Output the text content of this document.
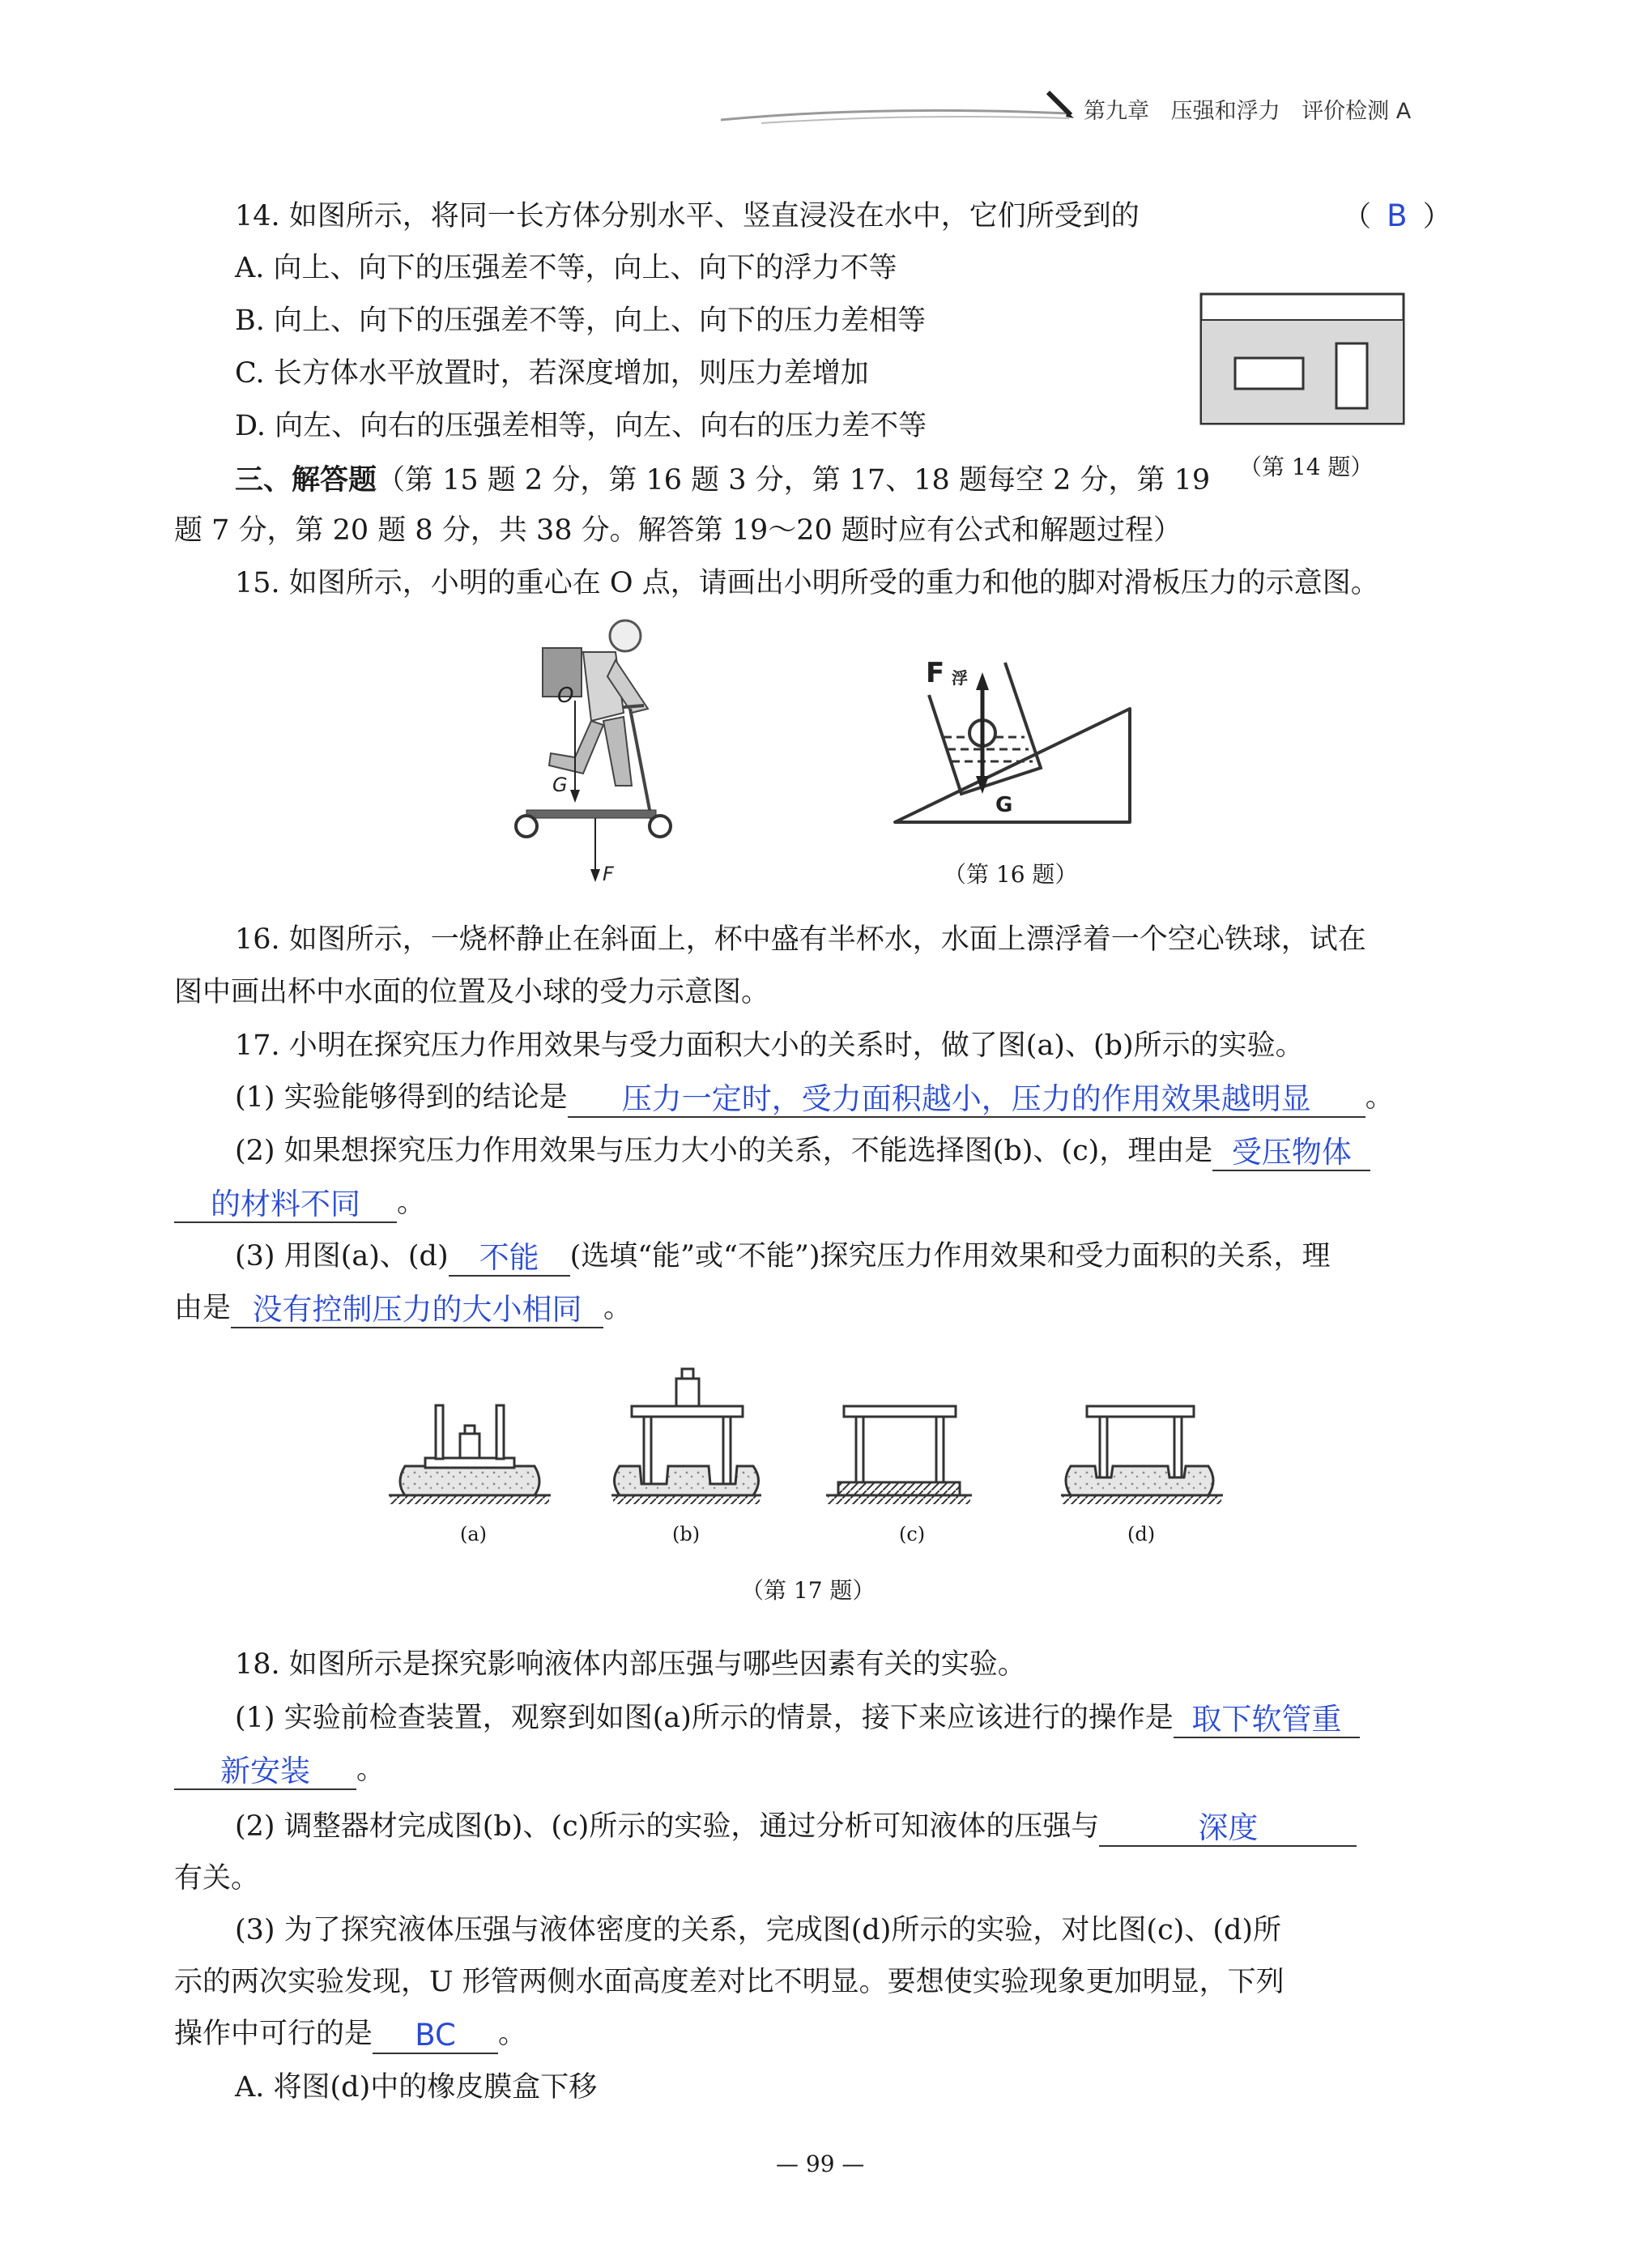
第九章 压强和浮力 评价检测 A
14. 如图所示，将同一长方体分别水平、竖直浸没在水中，它们所受到的	（ B ）
A. 向上、向下的压强差不等，向上、向下的浮力不等
B. 向上、向下的压强差不等，向上、向下的压力差相等
C. 长方体水平放置时，若深度增加，则压力差增加
D. 向左、向右的压强差相等，向左、向右的压力差不等
（第 14 题）
三、解答题（第 15 题 2 分，第 16 题 3 分，第 17、18 题每空 2 分，第 19
题 7 分，第 20 题 8 分，共 38 分。解答第 19～20 题时应有公式和解题过程）
15. 如图所示，小明的重心在 O 点，请画出小明所受的重力和他的脚对滑板压力的示意图。
O
G
F
F 浮
G
（第 16 题）
16. 如图所示，一烧杯静止在斜面上，杯中盛有半杯水，水面上漂浮着一个空心铁球，试在
图中画出杯中水面的位置及小球的受力示意图。
17. 小明在探究压力作用效果与受力面积大小的关系时，做了图(a)、(b)所示的实验。
(1) 实验能够得到的结论是 压力一定时，受力面积越小，压力的作用效果越明显 。
(2) 如果想探究压力作用效果与压力大小的关系，不能选择图(b)、(c)，理由是 受压物体
的材料不同 。
(3) 用图(a)、(d) 不能 (选填“能”或“不能”)探究压力作用效果和受力面积的关系，理
由是 没有控制压力的大小相同 。
(a)	(b)	(c)	(d)
（第 17 题）
18. 如图所示是探究影响液体内部压强与哪些因素有关的实验。
(1) 实验前检查装置，观察到如图(a)所示的情景，接下来应该进行的操作是 取下软管重
新安装 。
(2) 调整器材完成图(b)、(c)所示的实验，通过分析可知液体的压强与	深度
有关。
(3) 为了探究液体压强与液体密度的关系，完成图(d)所示的实验，对比图(c)、(d)所
示的两次实验发现，U 形管两侧水面高度差对比不明显。要想使实验现象更加明显，下列
操作中可行的是 BC 。
A. 将图(d)中的橡皮膜盒下移
— 99 —
